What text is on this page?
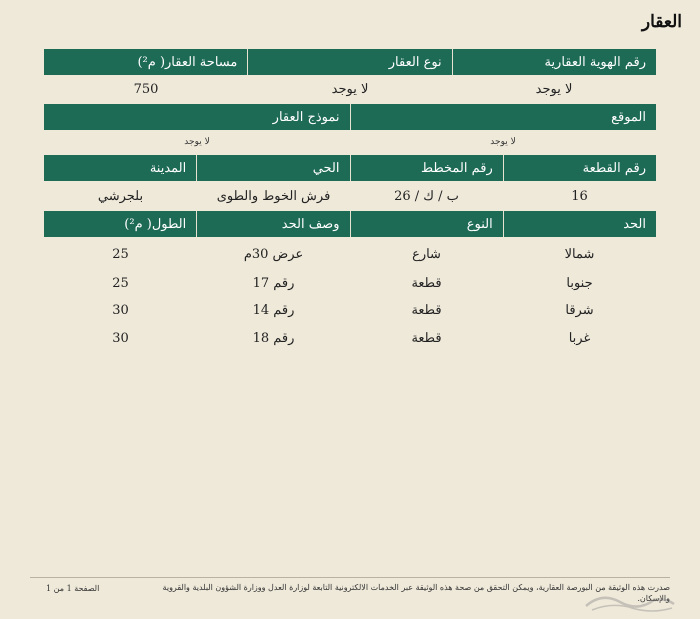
العقار
رقم الهوية العقارية
نوع العقار
مساحة العقار( م²)
لا يوجد
لا يوجد
750
الموقع
نموذج العقار
لا يوجد
لا يوجد
رقم القطعة
رقم المخطط
الحي
المدينة
16
ب / ك / 26
فرش الخوط والطوى
بلجرشي
الحد
النوع
وصف الحد
الطول( م²)
شمالا
شارع
عرض 30م
25
جنوبا
قطعة
رقم 17
25
شرقا
قطعة
رقم 14
30
غربا
قطعة
رقم 18
30
صدرت هذه الوثيقة من البورصة العقارية، ويمكن التحقق من صحة هذه الوثيقة عبر الخدمات الالكترونية التابعة لوزارة العدل ووزارة الشؤون البلدية والقروية والإسكان.
الصفحة 1 من 1
